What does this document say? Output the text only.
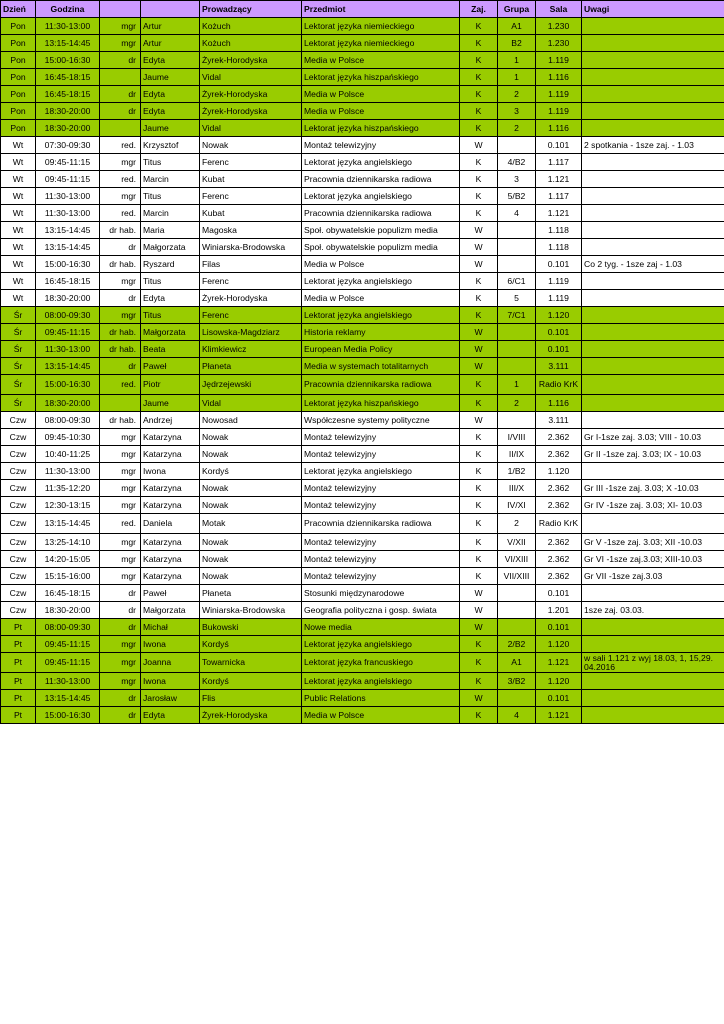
Dzień	Godzina			Prowadzący	Przedmiot	Zaj.	Grupa	Sala	Uwagi
Pon	11:30-13:00	mgr	Artur	Kożuch	Lektorat języka niemieckiego	K	A1	1.230	
Pon	13:15-14:45	mgr	Artur	Kożuch	Lektorat języka niemieckiego	K	B2	1.230	
Pon	15:00-16:30	dr	Edyta	Żyrek-Horodyska	Media w Polsce	K	1	1.119	
Pon	16:45-18:15		Jaume	Vidal	Lektorat języka hiszpańskiego	K	1	1.116	
Pon	16:45-18:15	dr	Edyta	Żyrek-Horodyska	Media w Polsce	K	2	1.119	
Pon	18:30-20:00	dr	Edyta	Żyrek-Horodyska	Media w Polsce	K	3	1.119	
Pon	18:30-20:00		Jaume	Vidal	Lektorat języka hiszpańskiego	K	2	1.116	
Wt	07:30-09:30	red.	Krzysztof	Nowak	Montaż telewizyjny	W		0.101	2 spotkania - 1sze zaj. - 1.03
Wt	09:45-11:15	mgr	Titus	Ferenc	Lektorat języka angielskiego	K	4/B2	1.117	
Wt	09:45-11:15	red.	Marcin	Kubat	Pracownia dziennikarska radiowa	K	3	1.121	
Wt	11:30-13:00	mgr	Titus	Ferenc	Lektorat języka angielskiego	K	5/B2	1.117	
Wt	11:30-13:00	red.	Marcin	Kubat	Pracownia dziennikarska radiowa	K	4	1.121	
Wt	13:15-14:45	dr hab.	Maria	Magoska	Społ. obywatelskie populizm media	W		1.118	
Wt	13:15-14:45	dr	Małgorzata	Winiarska-Brodowska	Społ. obywatelskie populizm media	W		1.118	
Wt	15:00-16:30	dr hab.	Ryszard	Filas	Media w Polsce	W		0.101	Co 2 tyg. - 1sze zaj - 1.03
Wt	16:45-18:15	mgr	Titus	Ferenc	Lektorat języka angielskiego	K	6/C1	1.119	
Wt	18:30-20:00	dr	Edyta	Żyrek-Horodyska	Media w Polsce	K	5	1.119	
Śr	08:00-09:30	mgr	Titus	Ferenc	Lektorat języka angielskiego	K	7/C1	1.120	
Śr	09:45-11:15	dr hab.	Małgorzata	Lisowska-Magdziarz	Historia reklamy	W		0.101	
Śr	11:30-13:00	dr hab.	Beata	Klimkiewicz	European Media Policy	W		0.101	
Śr	13:15-14:45	dr	Paweł	Płaneta	Media w systemach totalitarnych	W		3.111	
Śr	15:00-16:30	red.	Piotr	Jędrzejewski	Pracownia dziennikarska radiowa	K	1	Radio KrK	
Śr	18:30-20:00		Jaume	Vidal	Lektorat języka hiszpańskiego	K	2	1.116	
Czw	08:00-09:30	dr hab.	Andrzej	Nowosad	Współczesne systemy polityczne	W		3.111	
Czw	09:45-10:30	mgr	Katarzyna	Nowak	Montaż telewizyjny	K	I/VIII	2.362	Gr I-1sze zaj. 3.03; VIII - 10.03
Czw	10:40-11:25	mgr	Katarzyna	Nowak	Montaż telewizyjny	K	II/IX	2.362	Gr II -1sze zaj. 3.03; IX - 10.03
Czw	11:30-13:00	mgr	Iwona	Kordyś	Lektorat języka angielskiego	K	1/B2	1.120	
Czw	11:35-12:20	mgr	Katarzyna	Nowak	Montaż telewizyjny	K	III/X	2.362	Gr III -1sze zaj. 3.03; X -10.03
Czw	12:30-13:15	mgr	Katarzyna	Nowak	Montaż telewizyjny	K	IV/XI	2.362	Gr IV -1sze zaj. 3.03; XI- 10.03
Czw	13:15-14:45	red.	Daniela	Motak	Pracownia dziennikarska radiowa	K	2	Radio KrK	
Czw	13:25-14:10	mgr	Katarzyna	Nowak	Montaż telewizyjny	K	V/XII	2.362	Gr V -1sze zaj. 3.03; XII -10.03
Czw	14:20-15:05	mgr	Katarzyna	Nowak	Montaż telewizyjny	K	VI/XIII	2.362	Gr VI -1sze zaj.3.03; XIII-10.03
Czw	15:15-16:00	mgr	Katarzyna	Nowak	Montaż telewizyjny	K	VII/XIII	2.362	Gr VII -1sze zaj.3.03
Czw	16:45-18:15	dr	Paweł	Płaneta	Stosunki międzynarodowe	W		0.101	
Czw	18:30-20:00	dr	Małgorzata	Winiarska-Brodowska	Geografia polityczna i gosp. świata	W		1.201	1sze zaj. 03.03.
Pt	08:00-09:30	dr	Michał	Bukowski	Nowe media	W		0.101	
Pt	09:45-11:15	mgr	Iwona	Kordyś	Lektorat języka angielskiego	K	2/B2	1.120	
Pt	09:45-11:15	mgr	Joanna	Towarnicka	Lektorat języka francuskiego	K	A1	1.121	w sali 1.121 z wyj 18.03, 1, 15,29. 04.2016
Pt	11:30-13:00	mgr	Iwona	Kordyś	Lektorat języka angielskiego	K	3/B2	1.120	
Pt	13:15-14:45	dr	Jarosław	Flis	Public Relations	W		0.101	
Pt	15:00-16:30	dr	Edyta	Żyrek-Horodyska	Media w Polsce	K	4	1.121	
